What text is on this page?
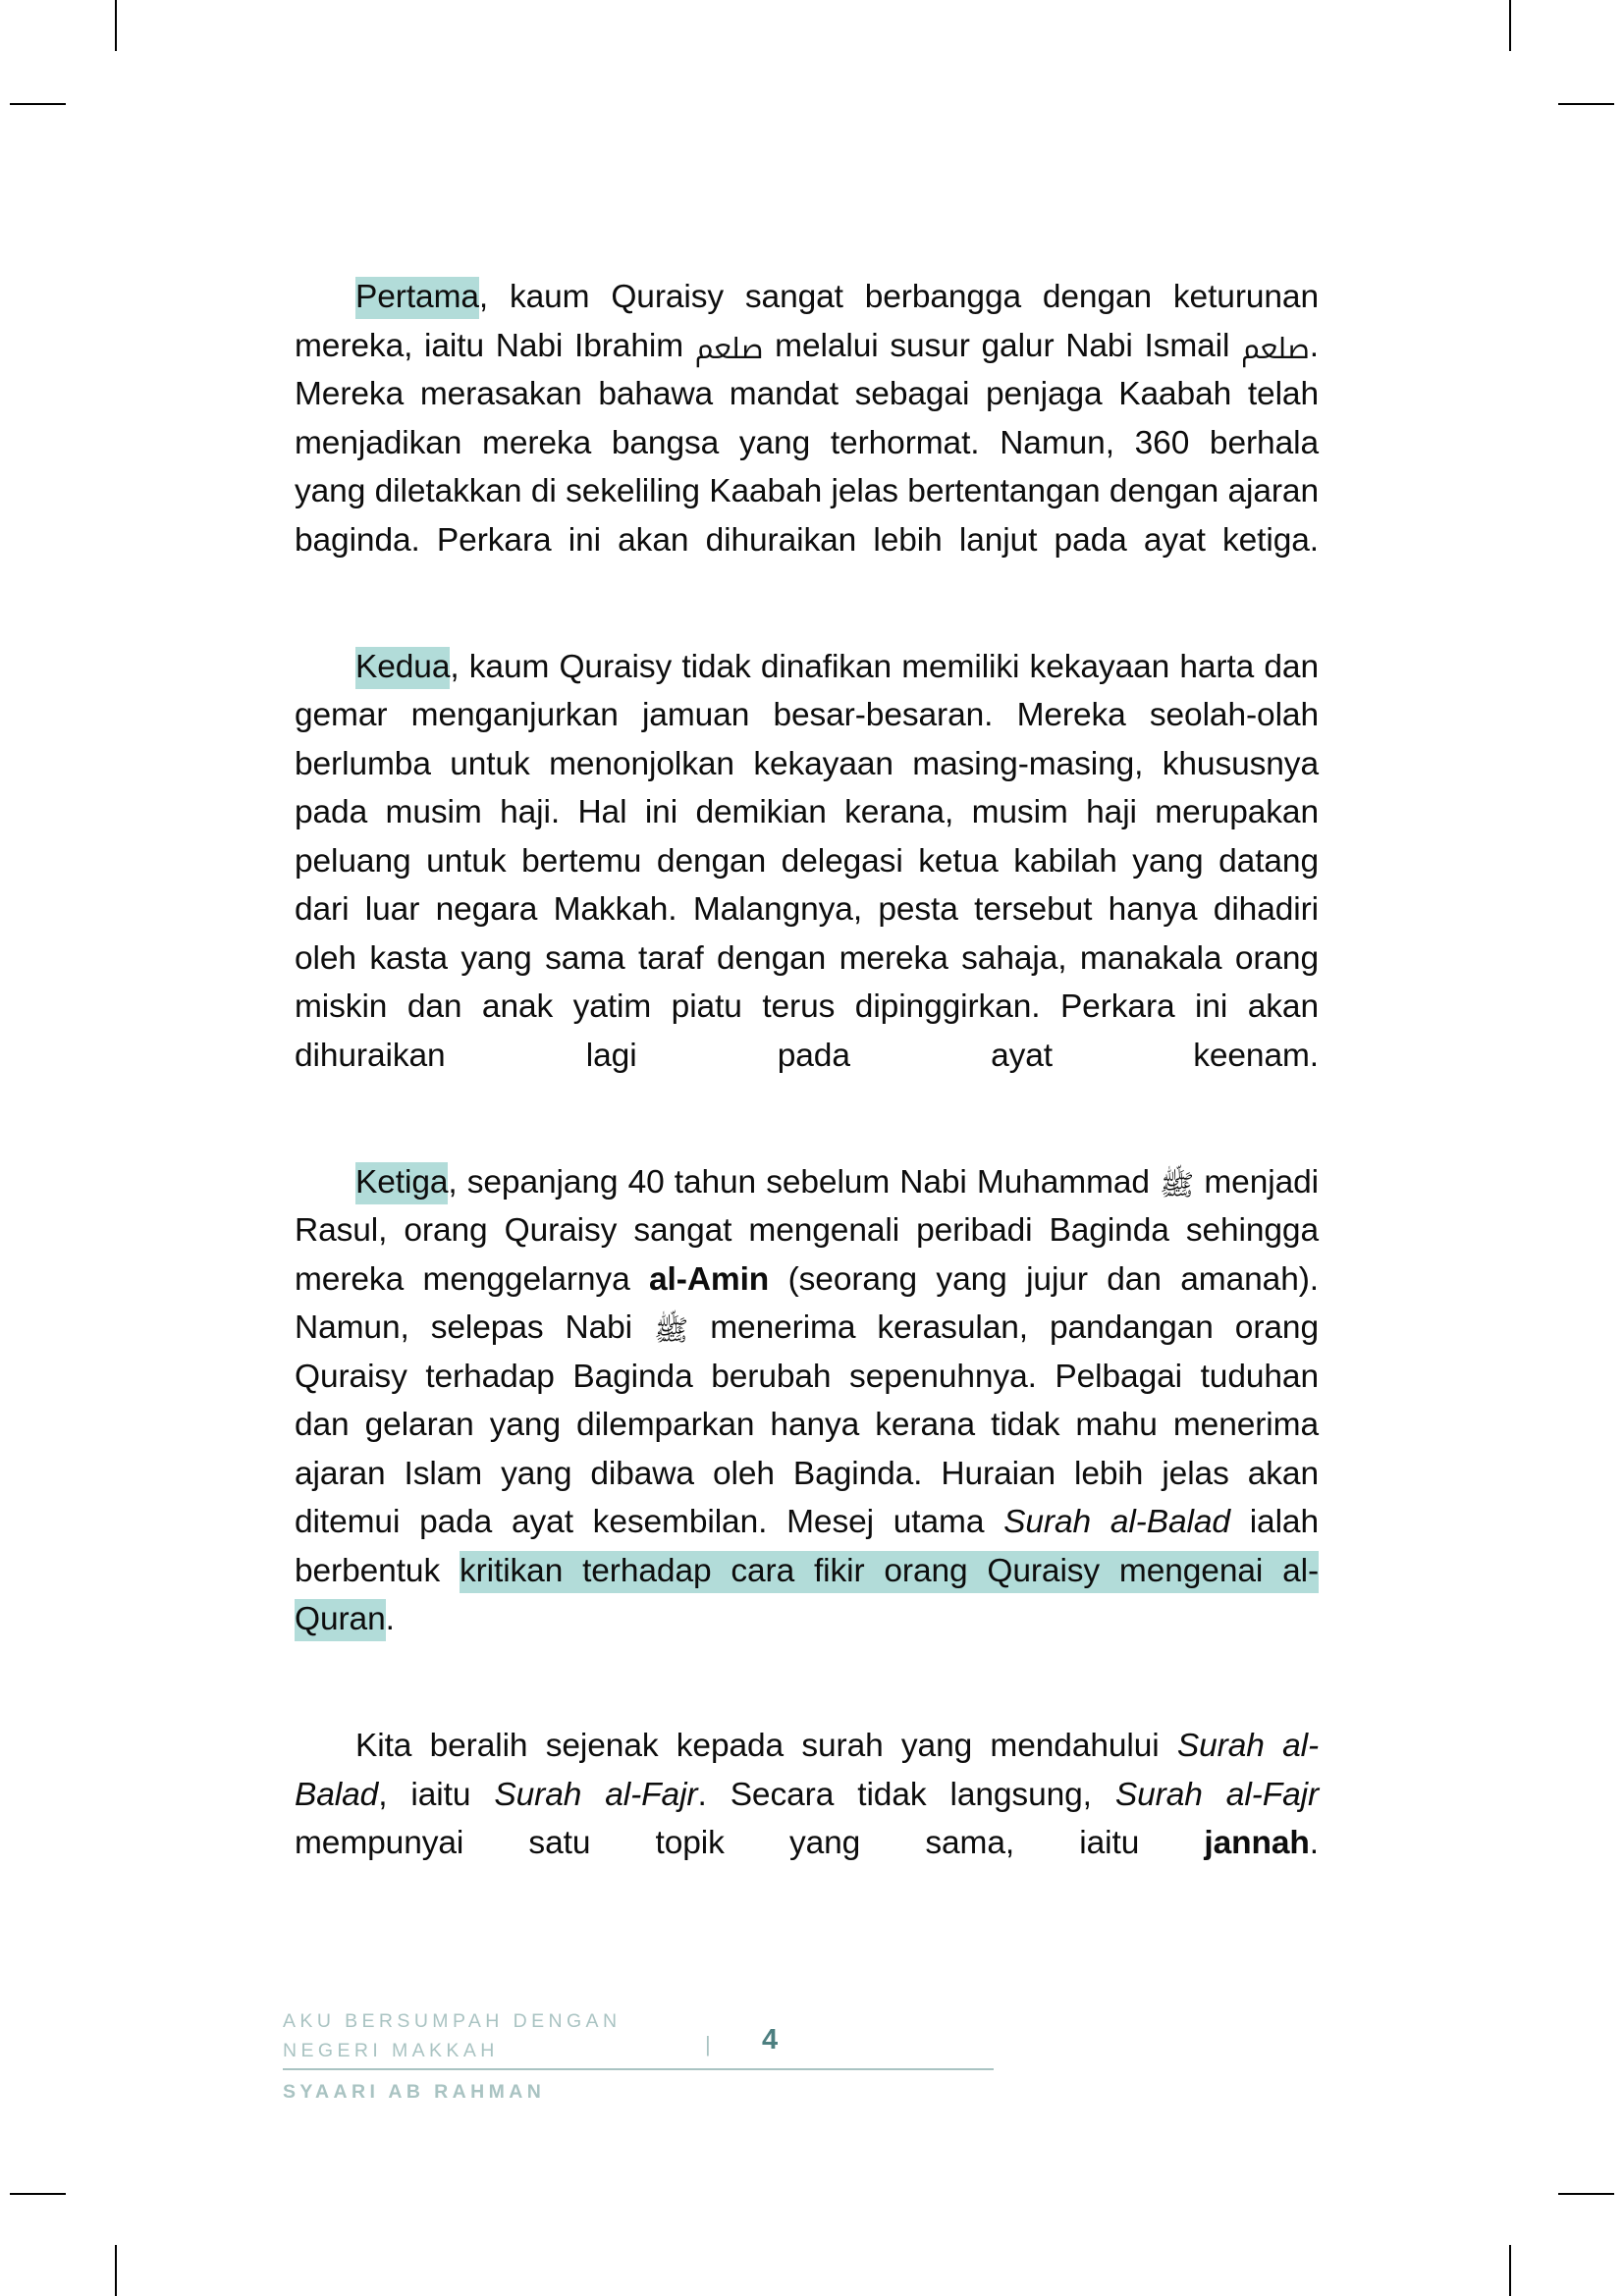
Pertama, kaum Quraisy sangat berbangga dengan keturunan mereka, iaitu Nabi Ibrahim ﷵ melalui susur galur Nabi Ismail ﷵ. Mereka merasakan bahawa mandat sebagai penjaga Kaabah telah menjadikan mereka bangsa yang terhormat. Namun, 360 berhala yang diletakkan di sekeliling Kaabah jelas bertentangan dengan ajaran baginda. Perkara ini akan dihuraikan lebih lanjut pada ayat ketiga.

Kedua, kaum Quraisy tidak dinafikan memiliki kekayaan harta dan gemar menganjurkan jamuan besar-besaran. Mereka seolah-olah berlumba untuk menonjolkan kekayaan masing-masing, khususnya pada musim haji. Hal ini demikian kerana, musim haji merupakan peluang untuk bertemu dengan delegasi ketua kabilah yang datang dari luar negara Makkah. Malangnya, pesta tersebut hanya dihadiri oleh kasta yang sama taraf dengan mereka sahaja, manakala orang miskin dan anak yatim piatu terus dipinggirkan. Perkara ini akan dihuraikan lagi pada ayat keenam.

Ketiga, sepanjang 40 tahun sebelum Nabi Muhammad ﷺ menjadi Rasul, orang Quraisy sangat mengenali peribadi Baginda sehingga mereka menggelarnya al-Amin (seorang yang jujur dan amanah). Namun, selepas Nabi ﷺ menerima kerasulan, pandangan orang Quraisy terhadap Baginda berubah sepenuhnya. Pelbagai tuduhan dan gelaran yang dilemparkan hanya kerana tidak mahu menerima ajaran Islam yang dibawa oleh Baginda. Huraian lebih jelas akan ditemui pada ayat kesembilan. Mesej utama Surah al-Balad ialah berbentuk kritikan terhadap cara fikir orang Quraisy mengenai al-Quran.

Kita beralih sejenak kepada surah yang mendahului Surah al-Balad, iaitu Surah al-Fajr. Secara tidak langsung, Surah al-Fajr mempunyai satu topik yang sama, iaitu jannah.

AKU BERSUMPAH DENGAN NEGERI MAKKAH	| 4
SYAARI AB RAHMAN
